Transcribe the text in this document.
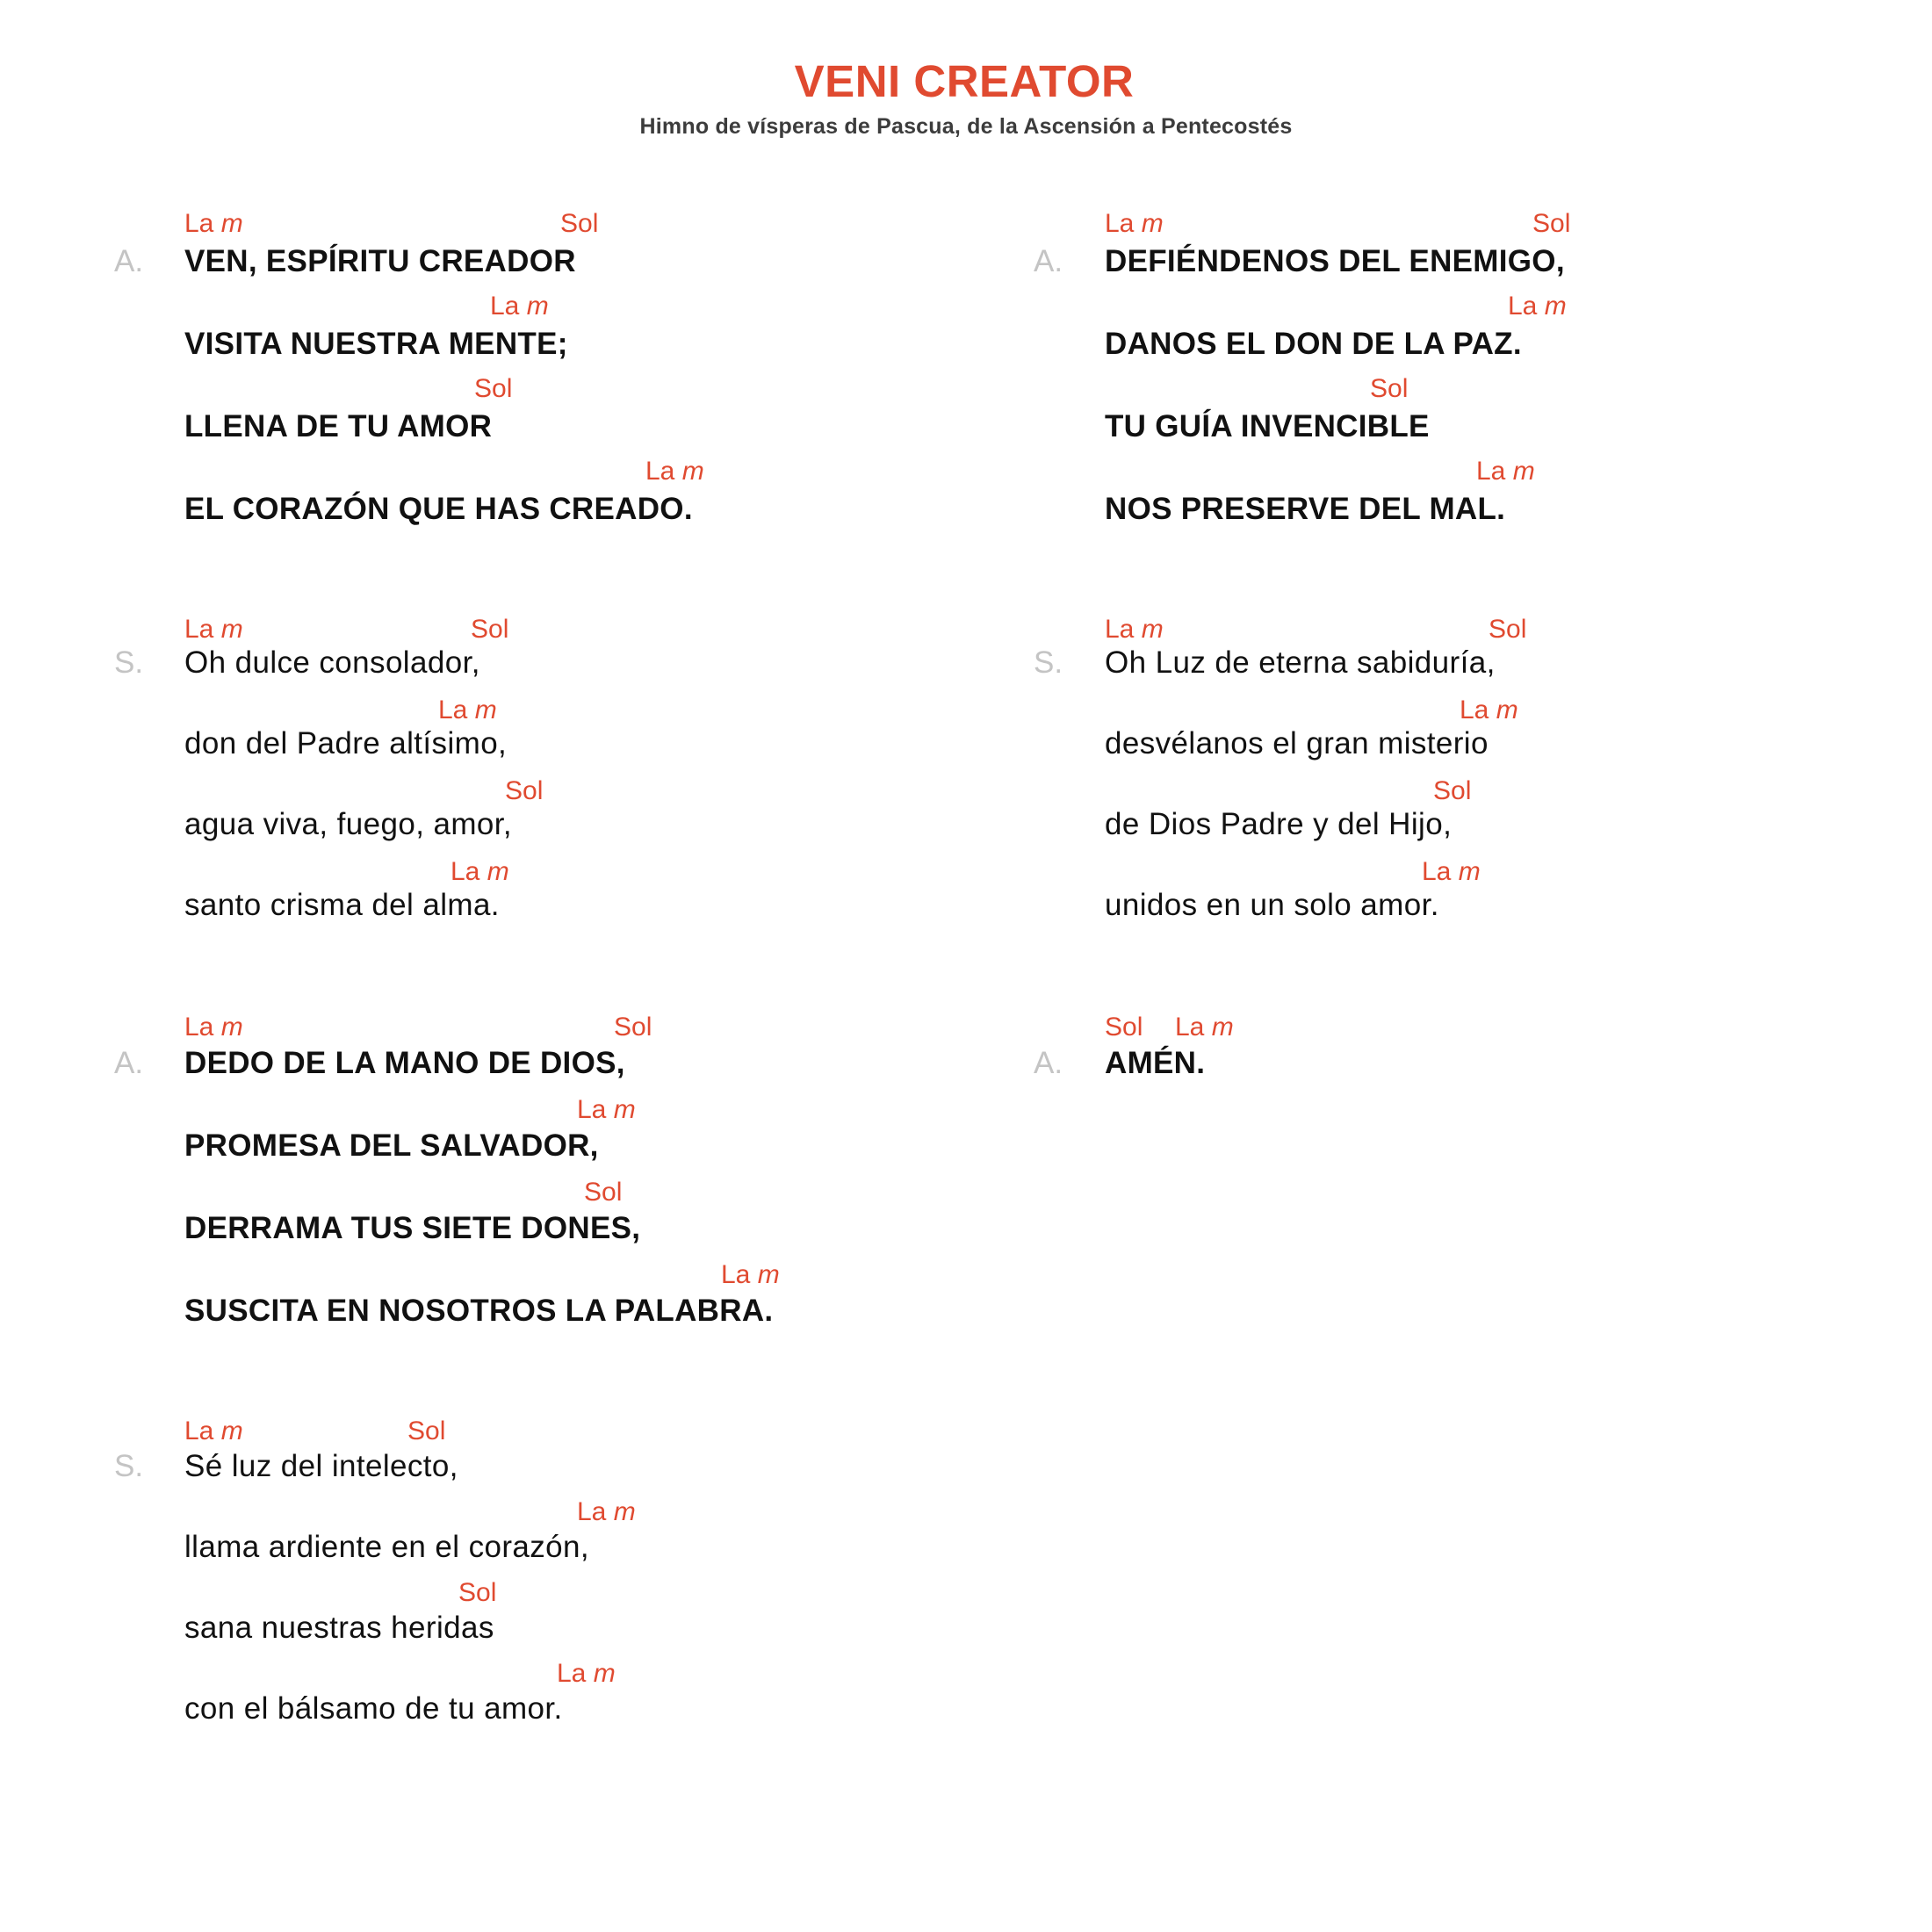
VENI CREATOR
Himno de vísperas de Pascua, de la Ascensión a Pentecostés
A.
La m	Sol
VEN, ESPÍRITU CREADOR
La m
VISITA NUESTRA MENTE;
Sol
LLENA DE TU AMOR
La m
EL CORAZÓN QUE HAS CREADO.
S.
La m	Sol
Oh dulce consolador,
La m
don del Padre altísimo,
Sol
agua viva, fuego, amor,
La m
santo crisma del alma.
A.
La m	Sol
DEDO DE LA MANO DE DIOS,
La m
PROMESA DEL SALVADOR,
Sol
DERRAMA TUS SIETE DONES,
La m
SUSCITA EN NOSOTROS LA PALABRA.
S.
La m	Sol
Sé luz del intelecto,
La m
llama ardiente en el corazón,
Sol
sana nuestras heridas
La m
con el bálsamo de tu amor.
A.
La m	Sol
DEFIÉNDENOS DEL ENEMIGO,
La m
DANOS EL DON DE LA PAZ.
Sol
TU GUÍA INVENCIBLE
La m
NOS PRESERVE DEL MAL.
S.
La m	Sol
Oh Luz de eterna sabiduría,
La m
desvélanos el gran misterio
Sol
de Dios Padre y del Hijo,
La m
unidos en un solo amor.
A.
Sol La m
AMÉN.
